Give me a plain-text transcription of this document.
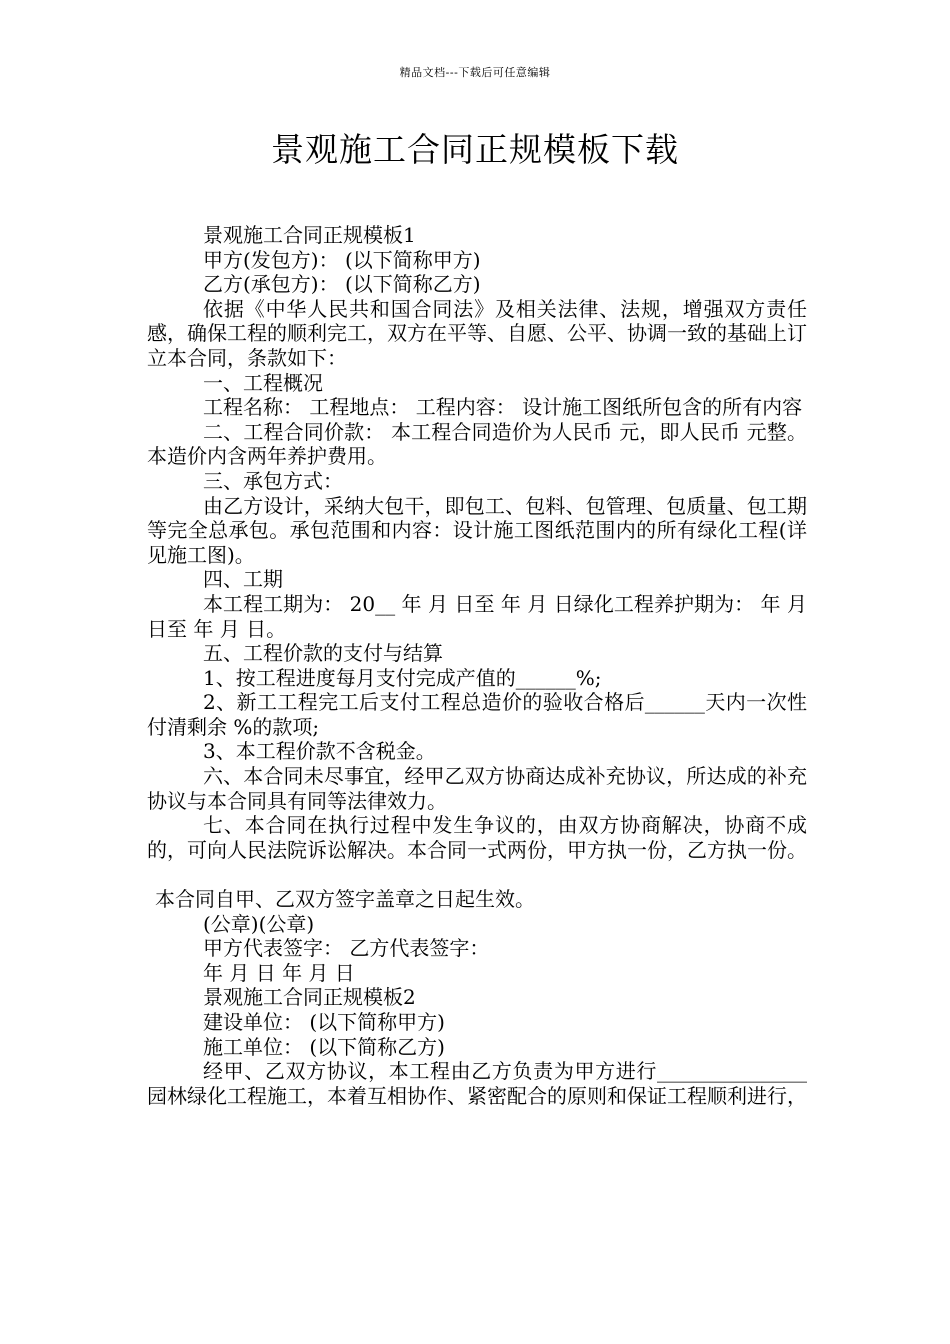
精品文档---下载后可任意编辑
景观施工合同正规模板下载

景观施工合同正规模板1

甲方(发包方)： (以下简称甲方)

乙方(承包方)： (以下简称乙方)

依据《中华人民共和国合同法》及相关法律、法规，增强双方责任感，确保工程的顺利完工，双方在平等、自愿、公平、协调一致的基础上订立本合同，条款如下：

一、工程概况

工程名称： 工程地点： 工程内容： 设计施工图纸所包含的所有内容

二、工程合同价款： 本工程合同造价为人民币 元，即人民币 元整。 本造价内含两年养护费用。

三、承包方式：

由乙方设计，采纳大包干，即包工、包料、包管理、包质量、包工期等完全总承包。承包范围和内容：设计施工图纸范围内的所有绿化工程(详见施工图)。

四、工期

本工程工期为： 20__ 年 月 日至 年 月 日绿化工程养护期为： 年 月 日至 年 月 日。

五、工程价款的支付与结算

1、按工程进度每月支付完成产值的______%;

2、新工工程完工后支付工程总造价的验收合格后______天内一次性付清剩余 %的款项;

3、本工程价款不含税金。

六、本合同未尽事宜，经甲乙双方协商达成补充协议，所达成的补充协议与本合同具有同等法律效力。

七、本合同在执行过程中发生争议的，由双方协商解决，协商不成的，可向人民法院诉讼解决。本合同一式两份，甲方执一份，乙方执一份。

本合同自甲、乙双方签字盖章之日起生效。

(公章)(公章)

甲方代表签字： 乙方代表签字：

年 月 日 年 月 日

景观施工合同正规模板2

建设单位： (以下简称甲方)

施工单位： (以下简称乙方)

经甲、乙双方协议，本工程由乙方负责为甲方进行_______________园林绿化工程施工，本着互相协作、紧密配合的原则和保证工程顺利进行，
